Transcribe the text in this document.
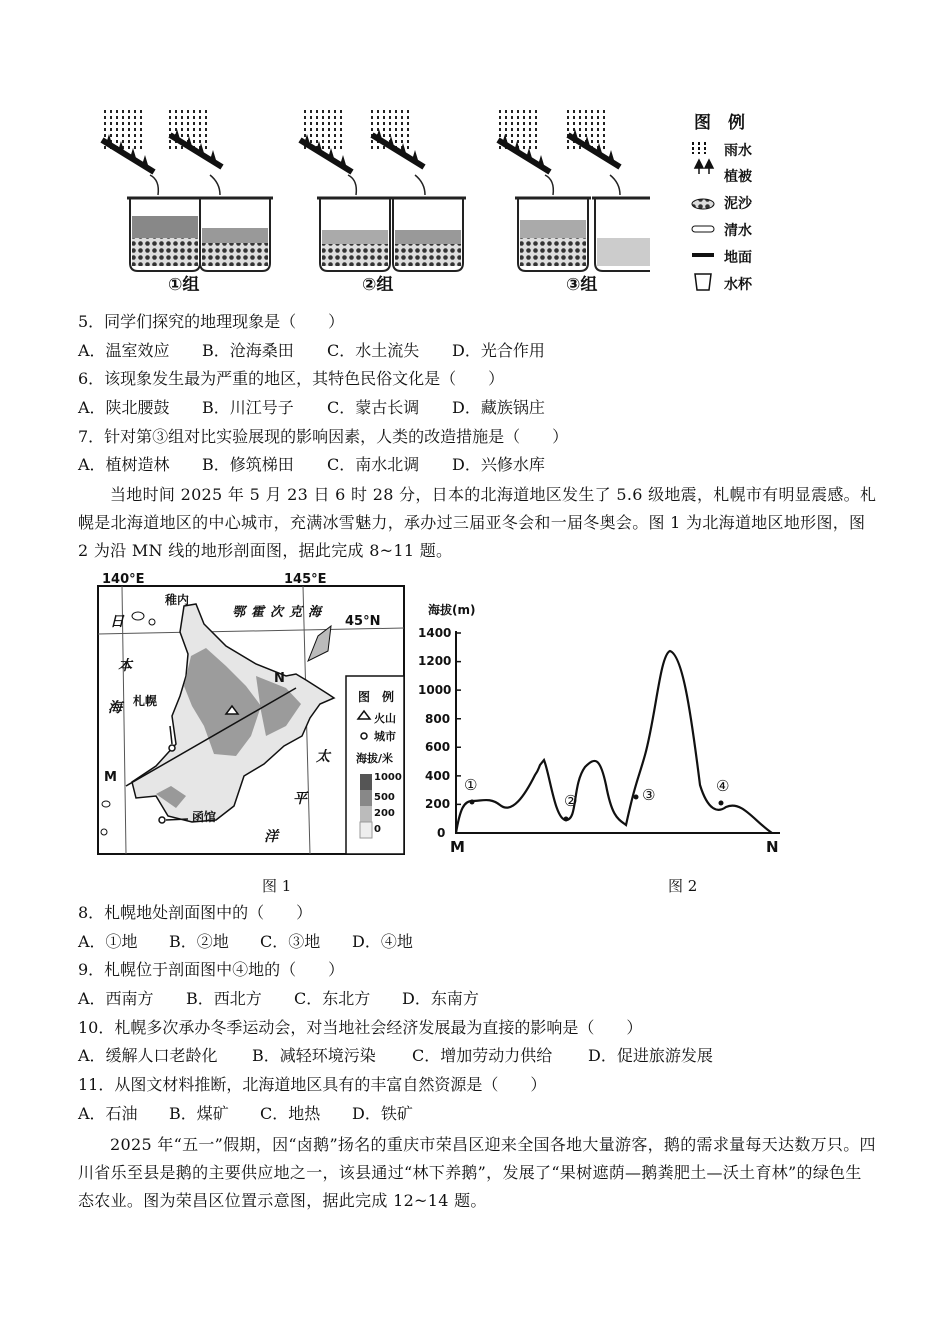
①组	②组	③组
图　例
雨水
植被
泥沙
清水
地面
水杯
5．同学们探究的地理现象是（　　）
A．温室效应 B．沧海桑田 C．水土流失 D．光合作用
6．该现象发生最为严重的地区，其特色民俗文化是（　　）
A．陕北腰鼓 B．川江号子 C．蒙古长调 D．藏族锅庄
7．针对第③组对比实验展现的影响因素，人类的改造措施是（　　）
A．植树造林 B．修筑梯田 C．南水北调 D．兴修水库
当地时间 2025 年 5 月 23 日 6 时 28 分，日本的北海道地区发生了 5.6 级地震，札幌市有明显震感。札幌是北海道地区的中心城市，充满冰雪魅力，承办过三届亚冬会和一届冬奥会。图 1 为北海道地区地形图，图 2 为沿 MN 线的地形剖面图，据此完成 8~11 题。
140°E	145°E
45°N
稚内
鄂霍次克海
日
本
海 札幌
函馆
太
平
洋
M
N
图　例
火山
城市
海拔/米
1000
500
200
0
图 1
海拔(m)
1400
1200
1000
800
600
400
200
0
M	N
①
②	③	④
图 2
8．札幌地处剖面图中的（　　）
A．①地 B．②地 C．③地 D．④地
9．札幌位于剖面图中④地的（　　）
A．西南方 B．西北方 C．东北方 D．东南方
10．札幌多次承办冬季运动会，对当地社会经济发展最为直接的影响是（　　）
A．缓解人口老龄化 B．减轻环境污染 C．增加劳动力供给 D．促进旅游发展
11．从图文材料推断，北海道地区具有的丰富自然资源是（　　）
A．石油 B．煤矿 C．地热 D．铁矿
2025 年“五一”假期，因“卤鹅”扬名的重庆市荣昌区迎来全国各地大量游客，鹅的需求量每天达数万只。四川省乐至县是鹅的主要供应地之一，该县通过“林下养鹅”，发展了“果树遮荫—鹅粪肥土—沃土育林”的绿色生态农业。图为荣昌区位置示意图，据此完成 12~14 题。
